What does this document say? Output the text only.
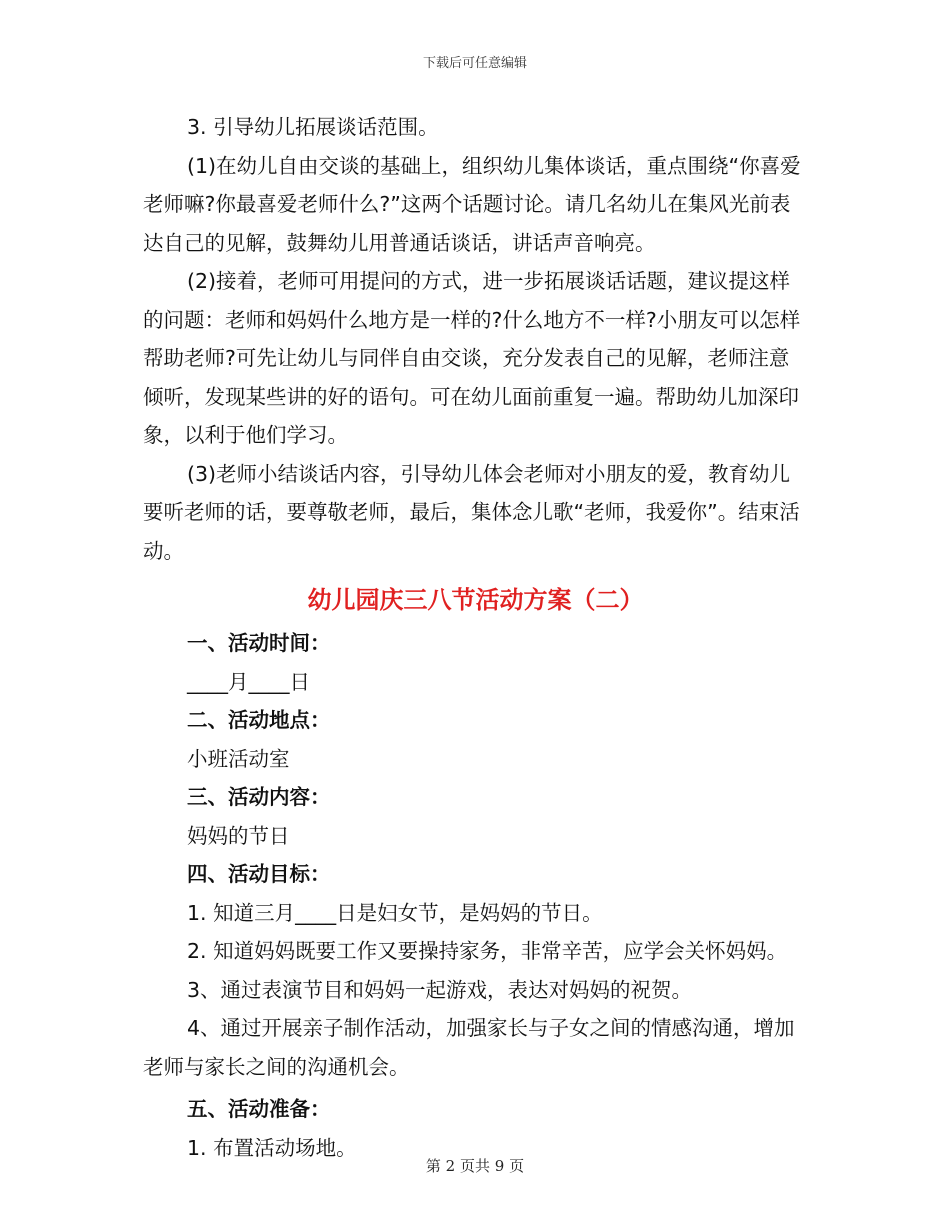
下载后可任意编辑

3. 引导幼儿拓展谈话范围。

(1)在幼儿自由交谈的基础上，组织幼儿集体谈话，重点围绕“你喜爱老师嘛?你最喜爱老师什么?”这两个话题讨论。请几名幼儿在集风光前表达自己的见解，鼓舞幼儿用普通话谈话，讲话声音响亮。

(2)接着，老师可用提问的方式，进一步拓展谈话话题，建议提这样的问题：老师和妈妈什么地方是一样的?什么地方不一样?小朋友可以怎样帮助老师?可先让幼儿与同伴自由交谈，充分发表自己的见解，老师注意倾听，发现某些讲的好的语句。可在幼儿面前重复一遍。帮助幼儿加深印象，以利于他们学习。

(3)老师小结谈话内容，引导幼儿体会老师对小朋友的爱，教育幼儿要听老师的话，要尊敬老师，最后，集体念儿歌“老师，我爱你”。结束活动。

幼儿园庆三八节活动方案（二）
一、活动时间：
____月____日
二、活动地点：
小班活动室
三、活动内容：
妈妈的节日
四、活动目标：
1. 知道三月____日是妇女节，是妈妈的节日。
2. 知道妈妈既要工作又要操持家务，非常辛苦，应学会关怀妈妈。
3、通过表演节目和妈妈一起游戏，表达对妈妈的祝贺。

4、通过开展亲子制作活动，加强家长与子女之间的情感沟通，增加老师与家长之间的沟通机会。

五、活动准备：
1. 布置活动场地。
第 2 页共 9 页
